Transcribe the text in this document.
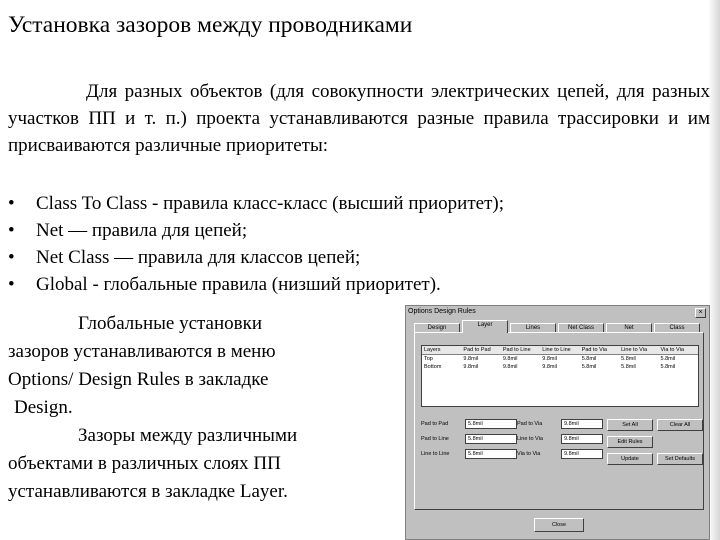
Установка зазоров между проводниками
Для разных объектов (для совокупности электрических цепей, для разных участков ПП и т. п.) проекта устанавливаются разные правила трассировки и им присваиваются различные приоритеты:
• Class To Class - правила класс-класс (высший приоритет);
• Net — правила для цепей;
• Net Class — правила для классов цепей;
• Global - глобальные правила (низший приоритет).
Глобальные установки
зазоров устанавливаются в меню
Options/ Design Rules в закладке
Design.
Зазоры между различными
объектами в различных слоях ПП
устанавливаются в закладке Layer.
Options Design Rules	×
Design	Layer	Lines	Net Class	Net	Class
Layers	Pad to Pad	Pad to Line	Line to Line	Pad to Via	Line to Via	Via to Via
Top	9.8mil	9.8mil	9.8mil	5.8mil	5.8mil	5.8mil
Bottom	9.8mil	9.8mil	9.8mil	5.8mil	5.8mil	5.8mil
Pad to Pad	5.8mil	Pad to Via	9.8mil
Pad to Line	5.8mil	Line to Via	9.8mil
Line to Line	5.8mil	Via to Via	9.8mil
Set All	Clear All
Edit Rules
Update	Set Defaults
Close
